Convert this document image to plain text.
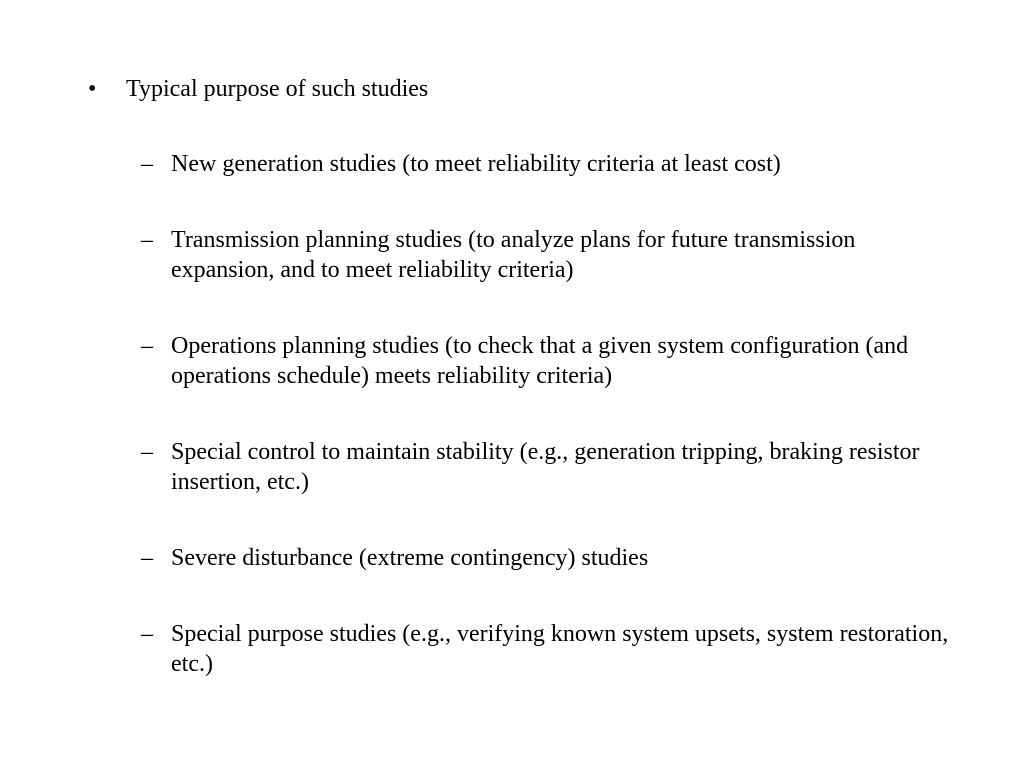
• Typical purpose of such studies
– New generation studies (to meet reliability criteria at least cost)
– Transmission planning studies (to analyze plans for future transmission expansion, and to meet reliability criteria)
– Operations planning studies (to check that a given system configuration (and operations schedule) meets reliability criteria)
– Special control to maintain stability (e.g., generation tripping, braking resistor insertion, etc.)
– Severe disturbance (extreme contingency) studies
– Special purpose studies (e.g., verifying known system upsets, system restoration, etc.)
